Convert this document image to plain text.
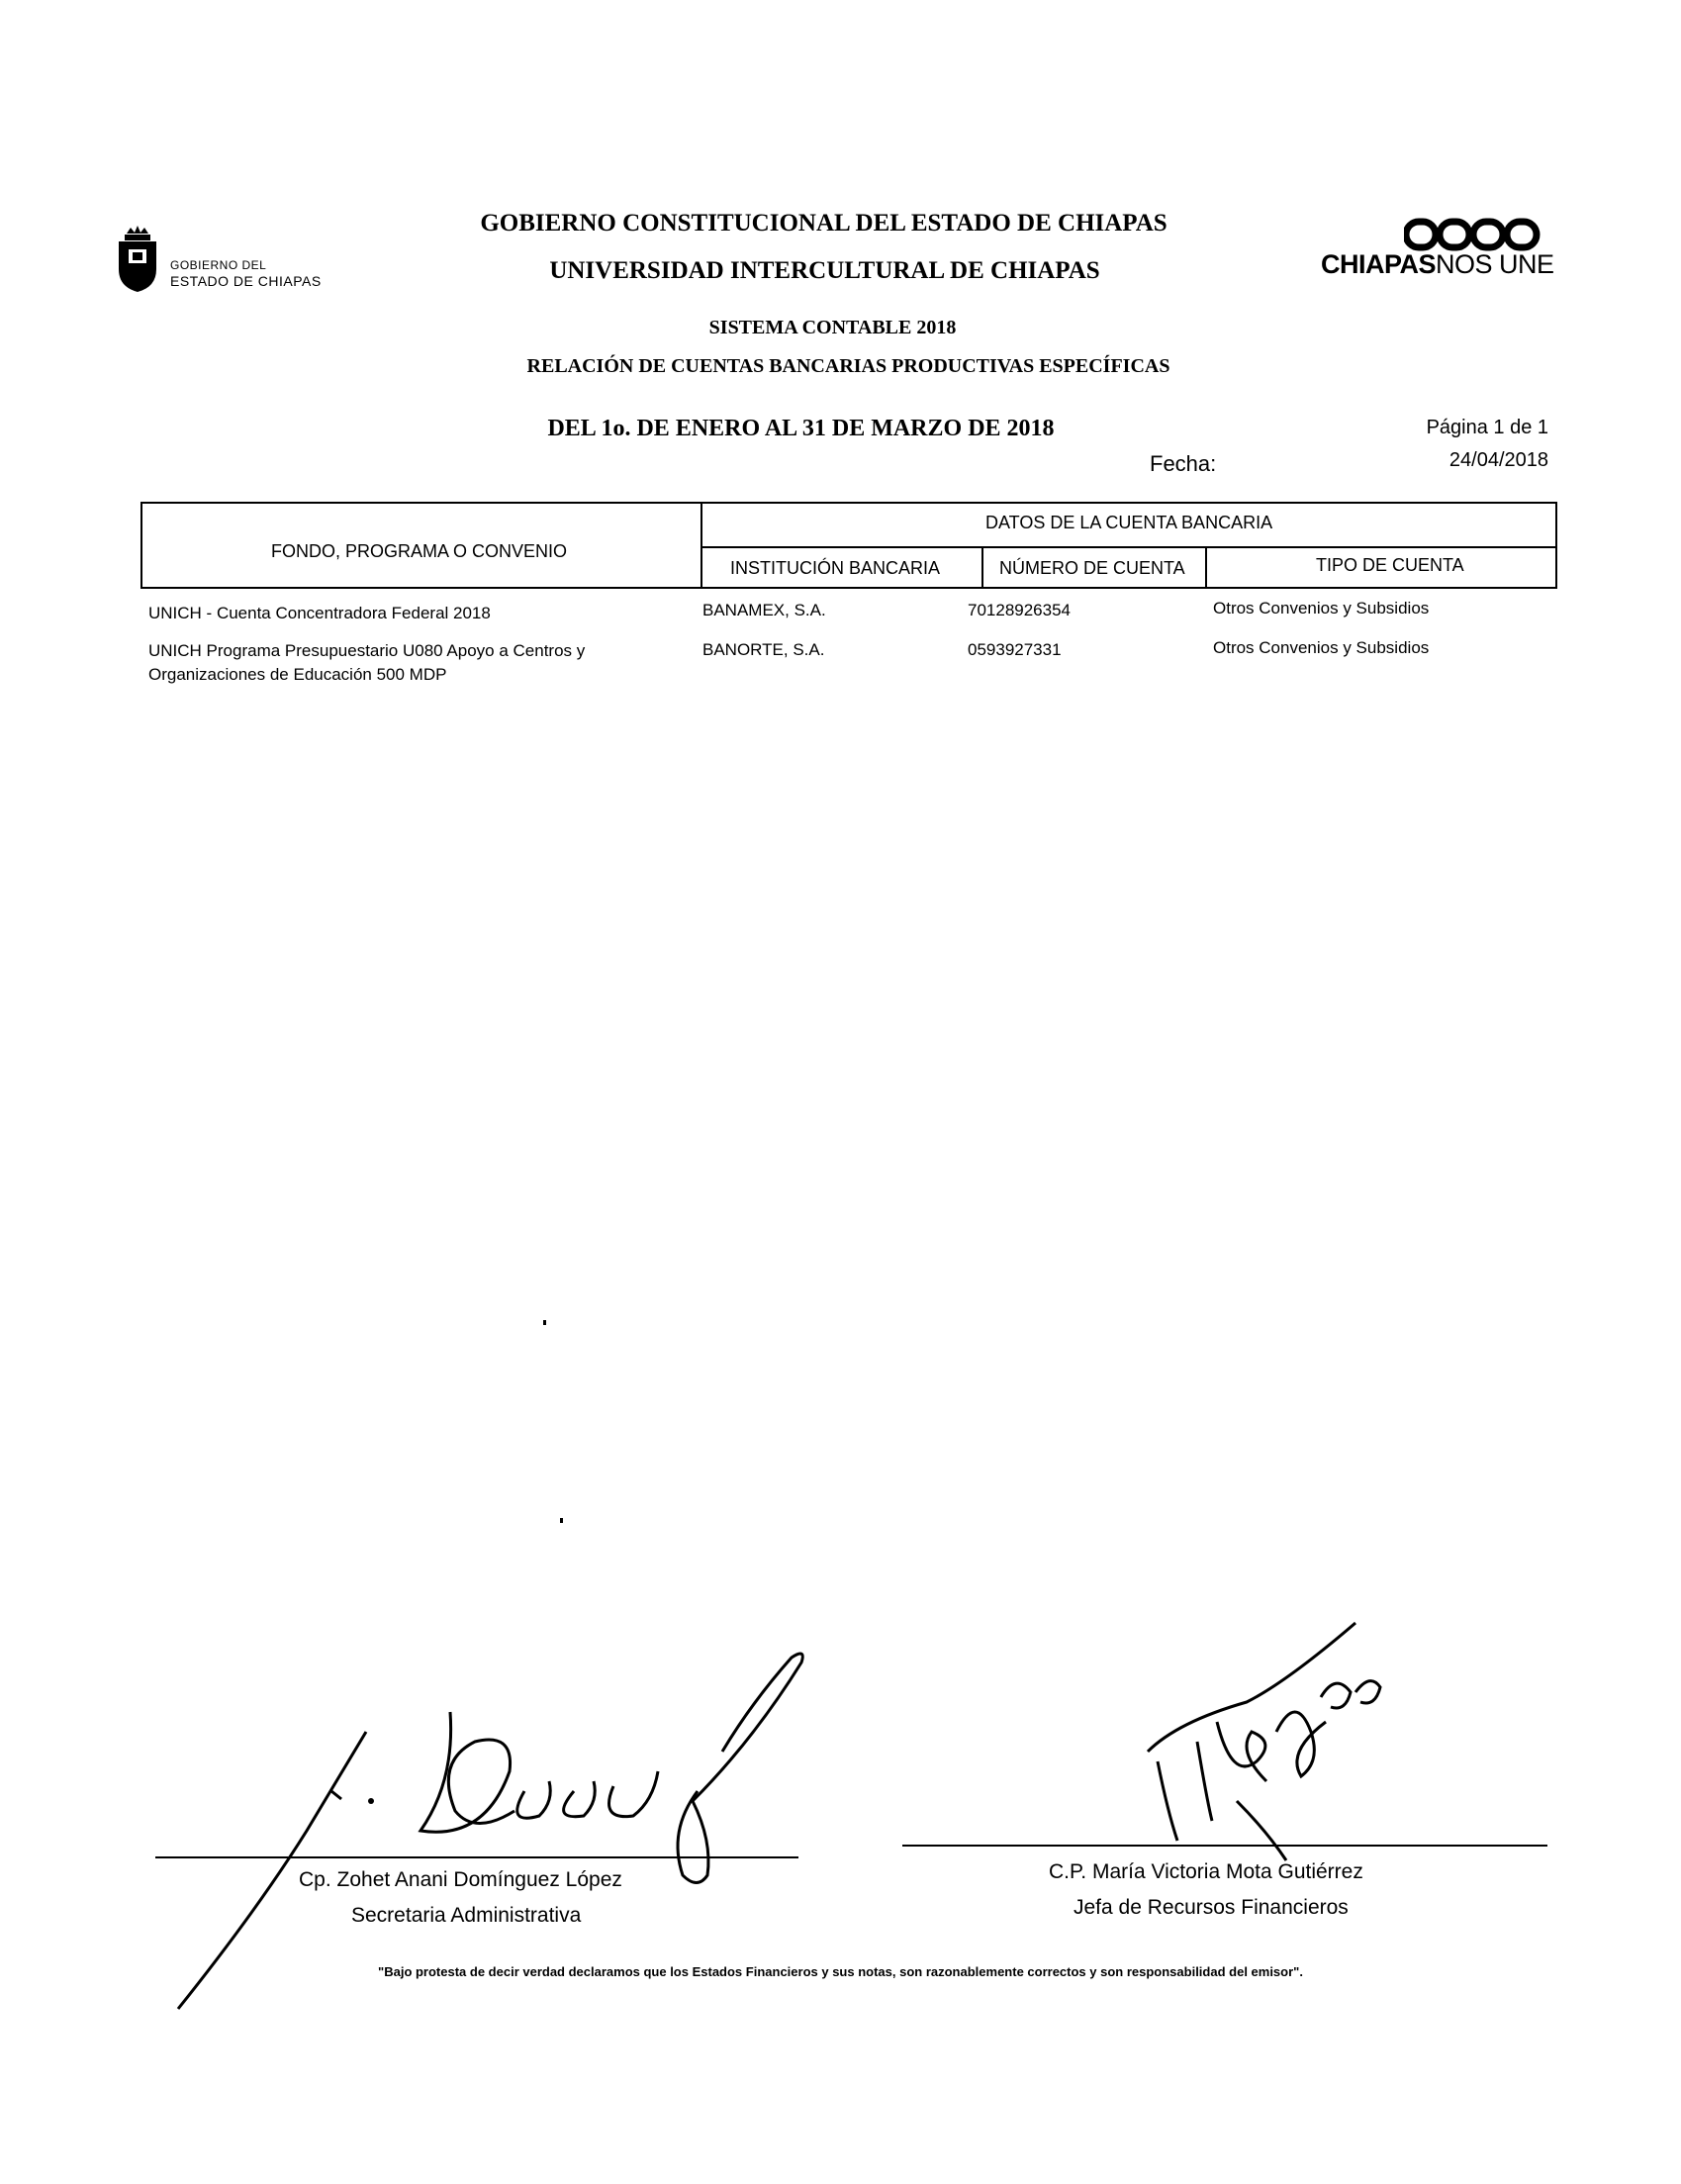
GOBIERNO DEL
ESTADO DE CHIAPAS
CHIAPASNOS UNE
GOBIERNO CONSTITUCIONAL DEL ESTADO DE CHIAPAS
UNIVERSIDAD INTERCULTURAL DE CHIAPAS
SISTEMA CONTABLE 2018
RELACIÓN DE CUENTAS BANCARIAS PRODUCTIVAS ESPECÍFICAS
DEL 1o. DE ENERO AL 31 DE MARZO DE 2018	Página 1 de 1
Fecha:	24/04/2018
FONDO, PROGRAMA O CONVENIO
DATOS DE LA CUENTA BANCARIA
INSTITUCIÓN BANCARIA	NÚMERO DE CUENTA	TIPO DE CUENTA
UNICH - Cuenta Concentradora Federal 2018	BANAMEX, S.A.	70128926354	Otros Convenios y Subsidios
UNICH Programa Presupuestario U080 Apoyo a Centros y
Organizaciones de Educación 500 MDP
BANORTE, S.A.	0593927331	Otros Convenios y Subsidios
Cp. Zohet Anani Domínguez López
Secretaria Administrativa
C.P. María Victoria Mota Gutiérrez
Jefa de Recursos Financieros
"Bajo protesta de decir verdad declaramos que los Estados Financieros y sus notas, son razonablemente correctos y son responsabilidad del emisor".
